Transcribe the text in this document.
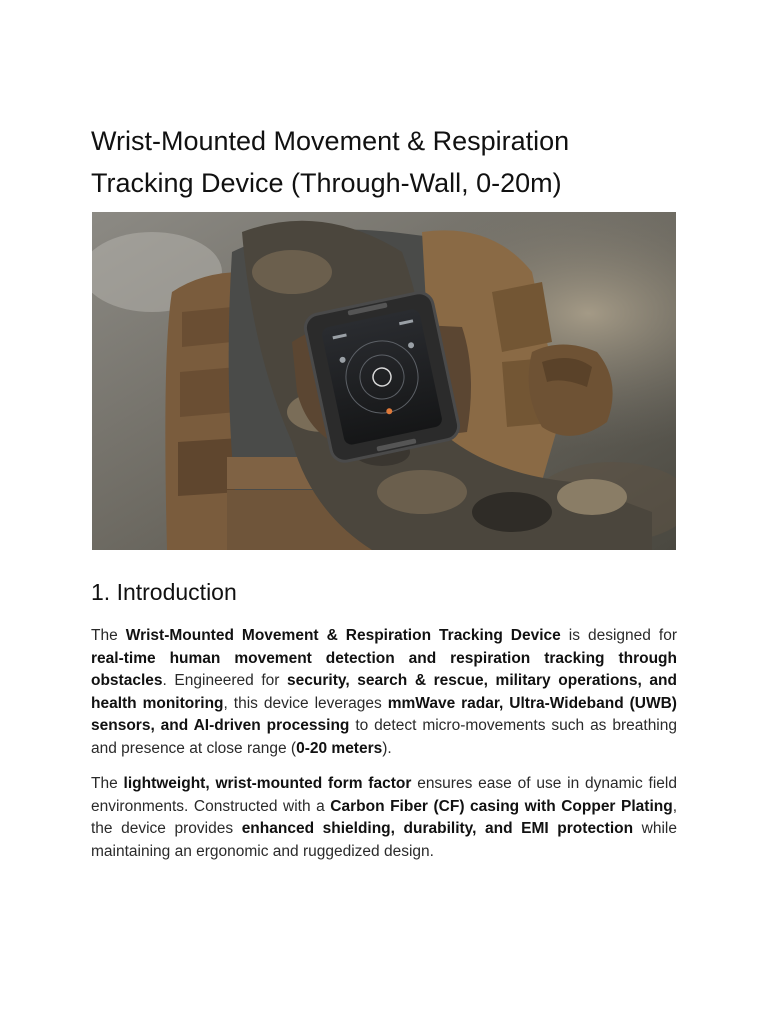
Wrist-Mounted Movement & Respiration
Tracking Device (Through-Wall, 0-20m)
1. Introduction

The Wrist-Mounted Movement & Respiration Tracking Device is designed for real-time human movement detection and respiration tracking through obstacles. Engineered for security, search & rescue, military operations, and health monitoring, this device leverages mmWave radar, Ultra-Wideband (UWB) sensors, and AI-driven processing to detect micro-movements such as breathing and presence at close range (0-20 meters).

The lightweight, wrist-mounted form factor ensures ease of use in dynamic field environments. Constructed with a Carbon Fiber (CF) casing with Copper Plating, the device provides enhanced shielding, durability, and EMI protection while maintaining an ergonomic and ruggedized design.
